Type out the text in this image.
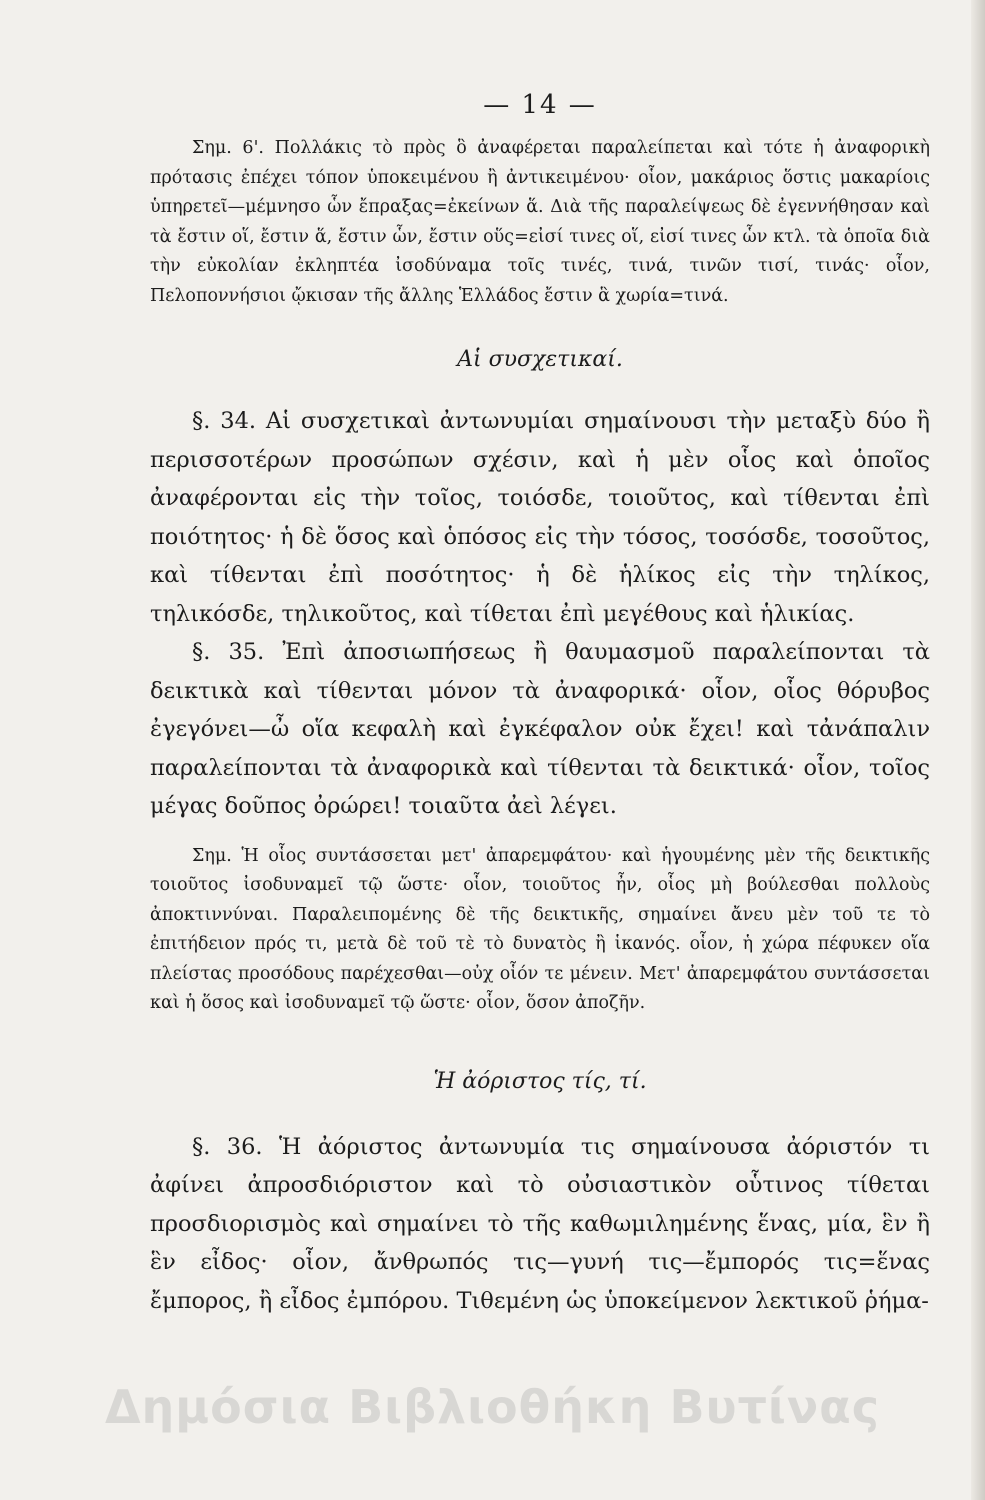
— 14 —

Σημ. 6'. Πολλάκις τὸ πρὸς ὃ ἀναφέρεται παραλείπεται καὶ τότε ἡ ἀναφορικὴ πρότασις ἐπέχει τόπον ὑποκειμένου ἢ ἀντικειμένου· οἷον, μακάριος ὅστις μακαρίοις ὑπηρετεῖ—μέμνησο ὧν ἔπραξας=ἐκείνων ἅ. Διὰ τῆς παραλείψεως δὲ ἐγεννήθησαν καὶ τὰ ἔστιν οἵ, ἔστιν ἅ, ἔστιν ὧν, ἔστιν οὕς=εἰσί τινες οἵ, εἰσί τινες ὧν κτλ. τὰ ὁποῖα διὰ τὴν εὐκολίαν ἐκληπτέα ἰσοδύναμα τοῖς τινές, τινά, τινῶν τισί, τινάς· οἷον, Πελοποννήσιοι ᾤκισαν τῆς ἄλλης Ἑλλάδος ἔστιν ἃ χωρία=τινά.

Αἱ συσχετικαί.

§. 34. Αἱ συσχετικαὶ ἀντωνυμίαι σημαίνουσι τὴν μεταξὺ δύο ἢ περισσοτέρων προσώπων σχέσιν, καὶ ἡ μὲν οἷος καὶ ὁποῖος ἀναφέρονται εἰς τὴν τοῖος, τοιόσδε, τοιοῦτος, καὶ τίθενται ἐπὶ ποιότητος· ἡ δὲ ὅσος καὶ ὁπόσος εἰς τὴν τόσος, τοσόσδε, τοσοῦτος, καὶ τίθενται ἐπὶ ποσότητος· ἡ δὲ ἡλίκος εἰς τὴν τηλίκος, τηλικόσδε, τηλικοῦτος, καὶ τίθεται ἐπὶ μεγέθους καὶ ἡλικίας.

§. 35. Ἐπὶ ἀποσιωπήσεως ἢ θαυμασμοῦ παραλείπονται τὰ δεικτικὰ καὶ τίθενται μόνον τὰ ἀναφορικά· οἷον, οἷος θόρυβος ἐγεγόνει—ὦ οἵα κεφαλὴ καὶ ἐγκέφαλον οὐκ ἔχει! καὶ τἀνάπαλιν παραλείπονται τὰ ἀναφορικὰ καὶ τίθενται τὰ δεικτικά· οἷον, τοῖος μέγας δοῦπος ὀρώρει! τοιαῦτα ἀεὶ λέγει.

Σημ. Ἡ οἷος συντάσσεται μετ' ἀπαρεμφάτου· καὶ ἡγουμένης μὲν τῆς δεικτικῆς τοιοῦτος ἰσοδυναμεῖ τῷ ὥστε· οἷον, τοιοῦτος ἦν, οἷος μὴ βούλεσθαι πολλοὺς ἀποκτιννύναι. Παραλειπομένης δὲ τῆς δεικτικῆς, σημαίνει ἄνευ μὲν τοῦ τε τὸ ἐπιτήδειον πρός τι, μετὰ δὲ τοῦ τὲ τὸ δυνατὸς ἢ ἱκανός. οἷον, ἡ χώρα πέφυκεν οἵα πλείστας προσόδους παρέχεσθαι—οὐχ οἷόν τε μένειν. Μετ' ἀπαρεμφάτου συντάσσεται καὶ ἡ ὅσος καὶ ἰσοδυναμεῖ τῷ ὥστε· οἷον, ὅσον ἀποζῆν.

Ἡ ἀόριστος τίς, τί.

§. 36. Ἡ ἀόριστος ἀντωνυμία τις σημαίνουσα ἀόριστόν τι ἀφίνει ἀπροσδιόριστον καὶ τὸ οὐσιαστικὸν οὗτινος τίθεται προσδιορισμὸς καὶ σημαίνει τὸ τῆς καθωμιλημένης ἕνας, μία, ἓν ἢ ἓν εἶδος· οἷον, ἄνθρωπός τις—γυνή τις—ἔμπορός τις=ἕνας ἔμπορος, ἢ εἶδος ἐμπόρου. Τιθεμένη ὡς ὑποκείμενον λεκτικοῦ ῥήμα-

Δημόσια Βιβλιοθήκη Βυτίνας
